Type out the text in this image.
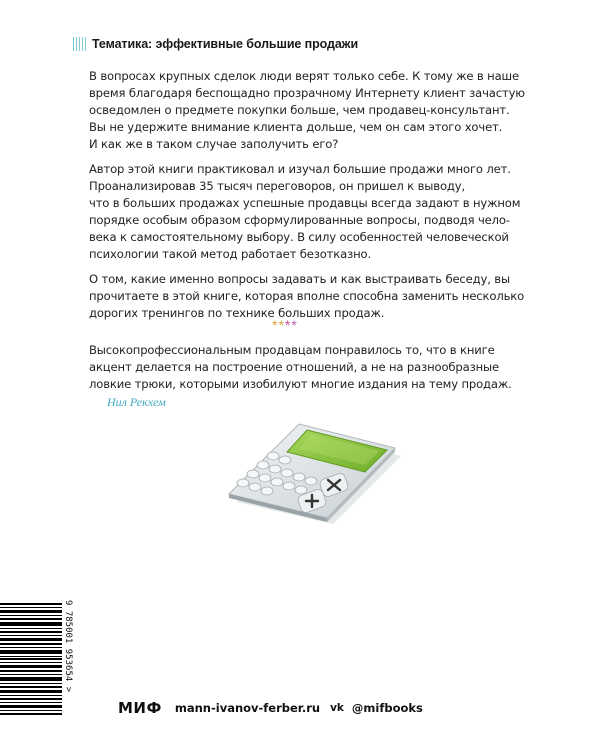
Тематика: эффективные большие продажи
В вопросах крупных сделок люди верят только себе. К тому же в наше
время благодаря беспощадно прозрачному Интернету клиент зачастую
осведомлен о предмете покупки больше, чем продавец-консультант.
Вы не удержите внимание клиента дольше, чем он сам этого хочет.
И как же в таком случае заполучить его?
Автор этой книги практиковал и изучал большие продажи много лет.
Проанализировав 35 тысяч переговоров, он пришел к выводу,
что в больших продажах успешные продавцы всегда задают в нужном
порядке особым образом сформулированные вопросы, подводя чело-
века к самостоятельному выбору. В силу особенностей человеческой
психологии такой метод работает безотказно.
О том, какие именно вопросы задавать и как выстраивать беседу, вы
прочитаете в этой книге, которая вполне способна заменить несколько
дорогих тренингов по технике больших продаж.
****
Высокопрофессиональным продавцам понравилось то, что в книге
акцент делается на построение отношений, а не на разнообразные
ловкие трюки, которыми изобилуют многие издания на тему продаж.
Нил Рекхем
9 785001 953654 >
МИФ mann-ivanov-ferber.ru vk @mifbooks
